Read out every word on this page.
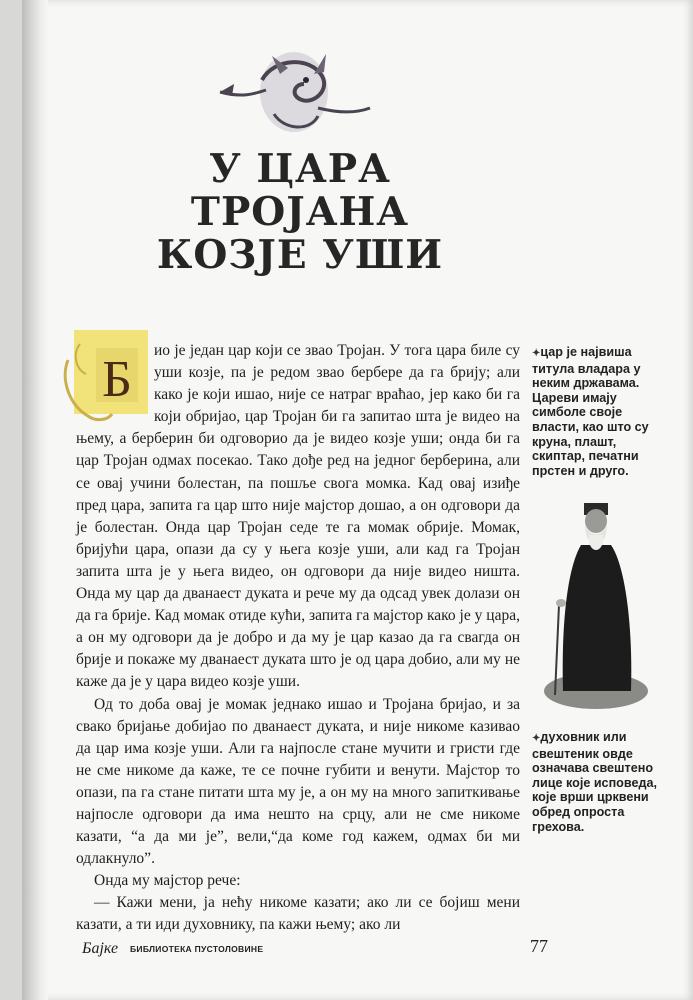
У ЦАРА
ТРОЈАНА
КОЗЈЕ УШИ
Б

ио је један цар који се звао Тројан. У тога цара биле су уши козје, па је редом звао бербере да га брију; али како је који ишао, није се натраг враћао, јер како би га који обријао, цар Тројан би га запитао шта је видео на њему, а берберин би одговорио да је видео козје уши; онда би га цар Тројан одмах посекао. Тако дође ред на једног берберина, али се овај учини болестан, па пошље свога момка. Кад овај изиђе пред цара, запита га цар што није мајстор дошао, а он одговори да је болестан. Онда цар Тројан седе те га момак обрије. Момак, бријући цара, опази да су у њега козје уши, али кад га Тројан запита шта је у њега видео, он одговори да није видео ништа. Онда му цар да дванаест дуката и рече му да одсад увек долази он да га брије. Кад момак отиде кући, запита га мајстор како је у цара, а он му одговори да је добро и да му је цар казао да га свагда он брије и покаже му дванаест дуката што је од цара добио, али му не каже да је у цара видео козје уши.

Од то доба овај је момак једнако ишао и Тројана бријао, и за свако бријање добијао по дванаест дуката, и није никоме казивао да цар има козје уши. Али га најпосле стане мучити и гристи где не сме никоме да каже, те се почне губити и венути. Мајстор то опази, па га стане питати шта му је, а он му на много запиткивање најпосле одговори да има нешто на срцу, али не сме никоме казати, “а да ми је”, вели,“да коме год кажем, одмах би ми одлакнуло”.

Онда му мајстор рече:

— Кажи мени, ја нећу никоме казати; ако ли се бојиш мени казати, а ти иди духовнику, па кажи њему; ако ли

✦цар је највиша титула владара у неким државама. Цареви имају симболе своје власти, као што су круна, плашт, скиптар, печатни прстен и друго.
✦духовник или свештеник овде означава свештено лице које исповеда, које врши црквени обред опроста грехова.
Бајке БИБЛИОТЕКА ПУСТОЛОВИНЕ	77
